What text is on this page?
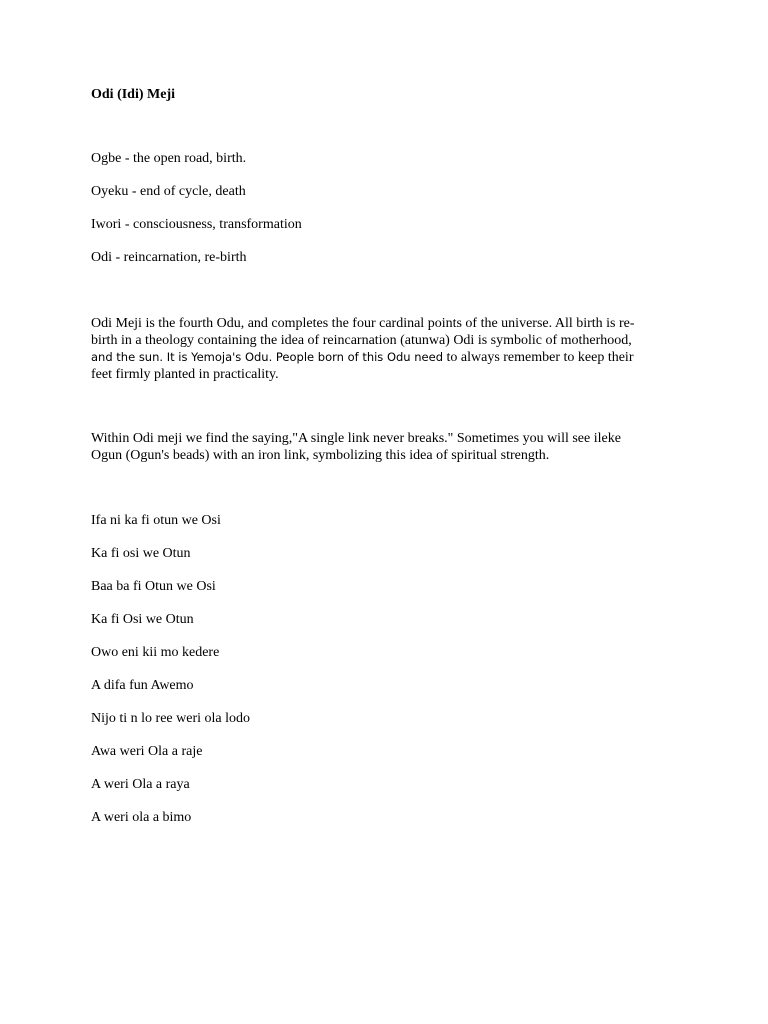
Odi (Idi) Meji
Ogbe - the open road, birth.
Oyeku - end of cycle, death
Iwori - consciousness, transformation
Odi - reincarnation, re-birth
Odi Meji is the fourth Odu, and completes the four cardinal points of the universe. All birth is re-
birth in a theology containing the idea of reincarnation (atunwa) Odi is symbolic of motherhood,
and the sun. It is Yemoja's Odu. People born of this Odu need to always remember to keep their
feet firmly planted in practicality.
Within Odi meji we find the saying,"A single link never breaks." Sometimes you will see ileke
Ogun (Ogun's beads) with an iron link, symbolizing this idea of spiritual strength.
Ifa ni ka fi otun we Osi
Ka fi osi we Otun
Baa ba fi Otun we Osi
Ka fi Osi we Otun
Owo eni kii mo kedere
A difa fun Awemo
Nijo ti n lo ree weri ola lodo
Awa weri Ola a raje
A weri Ola a raya
A weri ola a bimo
